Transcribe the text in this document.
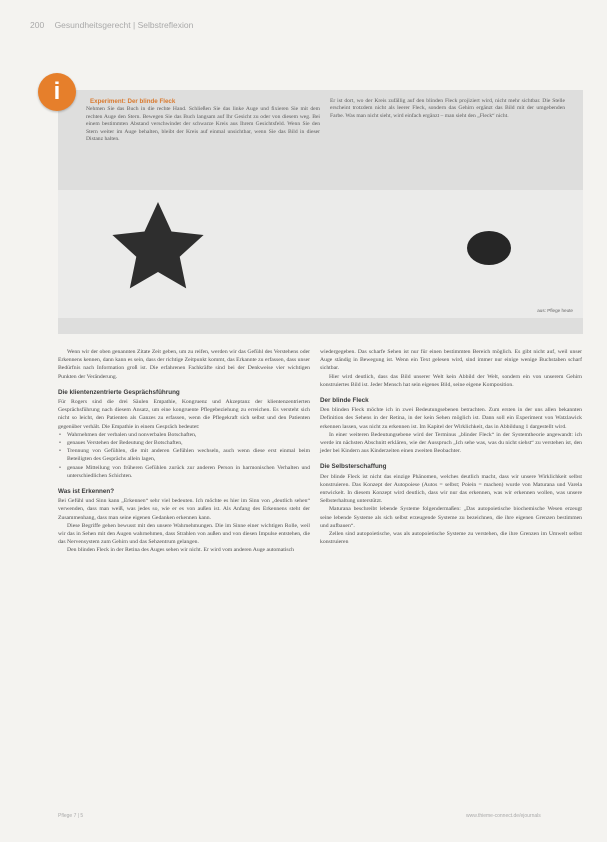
200 Gesundheitsgerecht | Selbstreflexion
Experiment: Der blinde Fleck
Nehmen Sie das Buch in die rechte Hand. Schließen Sie das linke Auge und fixieren Sie mit dem rechten Auge den Stern. Bewegen Sie das Buch langsam auf Ihr Gesicht zu oder von diesem weg. Bei einem bestimmten Abstand verschwindet der schwarze Kreis aus Ihrem Gesichtsfeld. Wenn Sie den Stern weiter im Auge behalten, bleibt der Kreis auf einmal unsichtbar, wenn Sie das Bild in dieser Distanz halten.
Er ist dort, wo der Kreis zufällig auf den blinden Fleck projiziert wird, nicht mehr sichtbar. Die Stelle erscheint trotzdem nicht als leerer Fleck, sondern das Gehirn ergänzt das Bild mit der umgebenden Farbe. Was man nicht sieht, wird einfach ergänzt – man sieht den „Fleck“ nicht.
aus: Pflege heute
i

Wenn wir der oben genannten Zitate Zeit geben, um zu reifen, werden wir das Gefühl des Verstehens oder Erkennens kennen, dann kann es sein, dass der richtige Zeitpunkt kommt, das Erkannte zu erfassen, dass unser Bedürfnis nach Information groß ist. Die erfahrenen Fachkräfte sind bei der Denkweise vier wichtigen Punkten der Veränderung.

Die klientenzentrierte Gesprächsführung

Für Rogers sind die drei Säulen Empathie, Kongruenz und Akzeptanz der klientenzentrierten Gesprächsführung nach diesem Ansatz, um eine kongruente Pflegebeziehung zu erreichen. Es versteht sich nicht so leicht, den Patienten als Ganzes zu erfassen, wenn die Pflegekraft sich selbst und den Patienten gegenüber verhält. Die Empathie in einem Gespräch bedeutet:

• Wahrnehmen der verbalen und nonverbalen Botschaften,
• genaues Verstehen der Bedeutung der Botschaften,
• Trennung von Gefühlen, die mit anderen Gefühlen wechseln, auch wenn diese erst einmal beim Beteiligten des Gesprächs allein lagen,
• genaue Mitteilung von früheren Gefühlen zurück zur anderen Person in harmonischen Verhalten und unterschiedlichen Schichten.
Was ist Erkennen?

Bei Gefühl und Sinn kann „Erkennen“ sehr viel bedeuten. Ich möchte es hier im Sinn von „deutlich sehen“ verwenden, dass man weiß, was jedes so, wie er es von außen ist. Als Anfang des Erkennens steht der Zusammenhang, dass man seine eigenen Gedanken erkennen kann.

Diese Begriffe gehen bewusst mit den unsere Wahrnehmungen. Die im Sinne einer wichtigen Rolle, weil wir das in Sehen mit den Augen wahrnehmen, dass Strahlen von außen und von diesen Impulse entstehen, die das Nervensystem zum Gehirn und das Sehzentrum gelangen.

Den blinden Fleck in der Retina des Auges sehen wir nicht. Er wird vom anderen Auge automatisch

wiedergegeben. Das scharfe Sehen ist nur für einen bestimmten Bereich möglich. Es gibt nicht auf, weil unser Auge ständig in Bewegung ist. Wenn ein Text gelesen wird, sind immer nur einige wenige Buchstaben scharf sichtbar.

Hier wird deutlich, dass das Bild unserer Welt kein Abbild der Welt, sondern ein von unserem Gehirn konstruiertes Bild ist. Jeder Mensch hat sein eigenes Bild, seine eigene Komposition.

Der blinde Fleck

Den blinden Fleck möchte ich in zwei Bedeutungsebenen betrachten. Zum ersten in der uns allen bekannten Definition des Sehens in der Retina, in der kein Sehen möglich ist. Dann soll ein Experiment von Watzlawick erkennen lassen, was nicht zu erkennen ist. Im Kapitel der Wirklichkeit, das in Abbildung 1 dargestellt wird.

In einer weiteren Bedeutungsebene wird der Terminus „blinder Fleck“ in der Systemtheorie angewandt: ich werde im nächsten Abschnitt erklären, wie der Ausspruch „Ich sehe was, was du nicht siehst“ zu verstehen ist, den jeder bei Kindern aus Kinderzeiten einen zweiten Beobachter.

Die Selbsterschaffung

Der blinde Fleck ist nicht das einzige Phänomen, welches deutlich macht, dass wir unsere Wirklichkeit selbst konstruieren. Das Konzept der Autopoiese (Autos = selbst; Poiein = machen) wurde von Maturana und Varela entwickelt. In diesem Konzept wird deutlich, dass wir nur das erkennen, was wir erkennen wollen, was unsere Selbsterhaltung unterstützt.

Maturana beschreibt lebende Systeme folgendermaßen: „Das autopoietische biochemische Wesen erzeugt seine lebende Systeme als sich selbst erzeugende Systeme zu bezeichnen, die ihre eigenen Grenzen bestimmen und aufbauen“.

Zellen sind autopoietische, was als autopoietische Systeme zu verstehen, die ihre Grenzen im Umwelt selbst konstruieren

Pflege 7 | 5	www.thieme-connect.de/ejournals
